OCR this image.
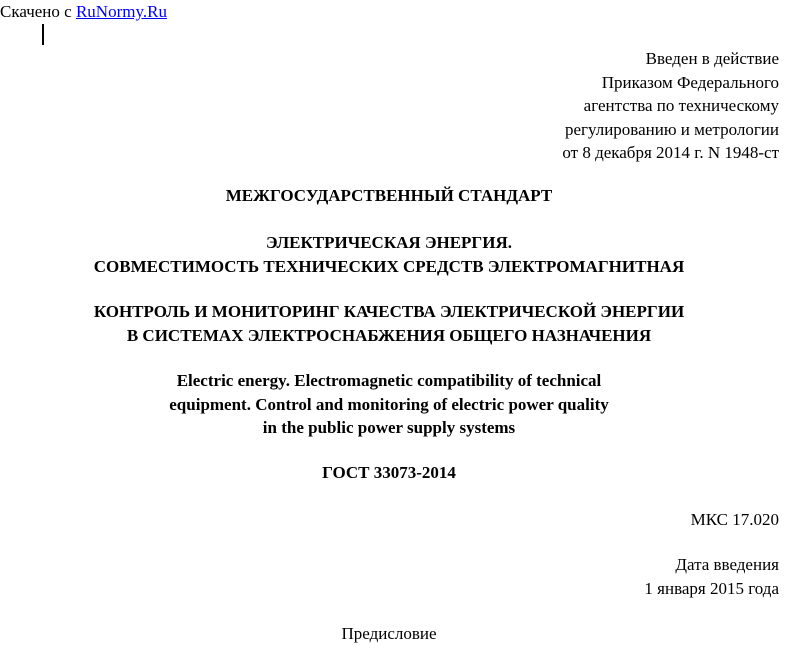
Скачено с RuNormy.Ru
Введен в действие
Приказом Федерального
агентства по техническому
регулированию и метрологии
от 8 декабря 2014 г. N 1948-ст
МЕЖГОСУДАРСТВЕННЫЙ СТАНДАРТ
ЭЛЕКТРИЧЕСКАЯ ЭНЕРГИЯ.
СОВМЕСТИМОСТЬ ТЕХНИЧЕСКИХ СРЕДСТВ ЭЛЕКТРОМАГНИТНАЯ
КОНТРОЛЬ И МОНИТОРИНГ КАЧЕСТВА ЭЛЕКТРИЧЕСКОЙ ЭНЕРГИИ
В СИСТЕМАХ ЭЛЕКТРОСНАБЖЕНИЯ ОБЩЕГО НАЗНАЧЕНИЯ
Electric energy. Electromagnetic compatibility of technical
equipment. Control and monitoring of electric power quality
in the public power supply systems
ГОСТ 33073-2014
МКС 17.020
Дата введения
1 января 2015 года
Предисловие
